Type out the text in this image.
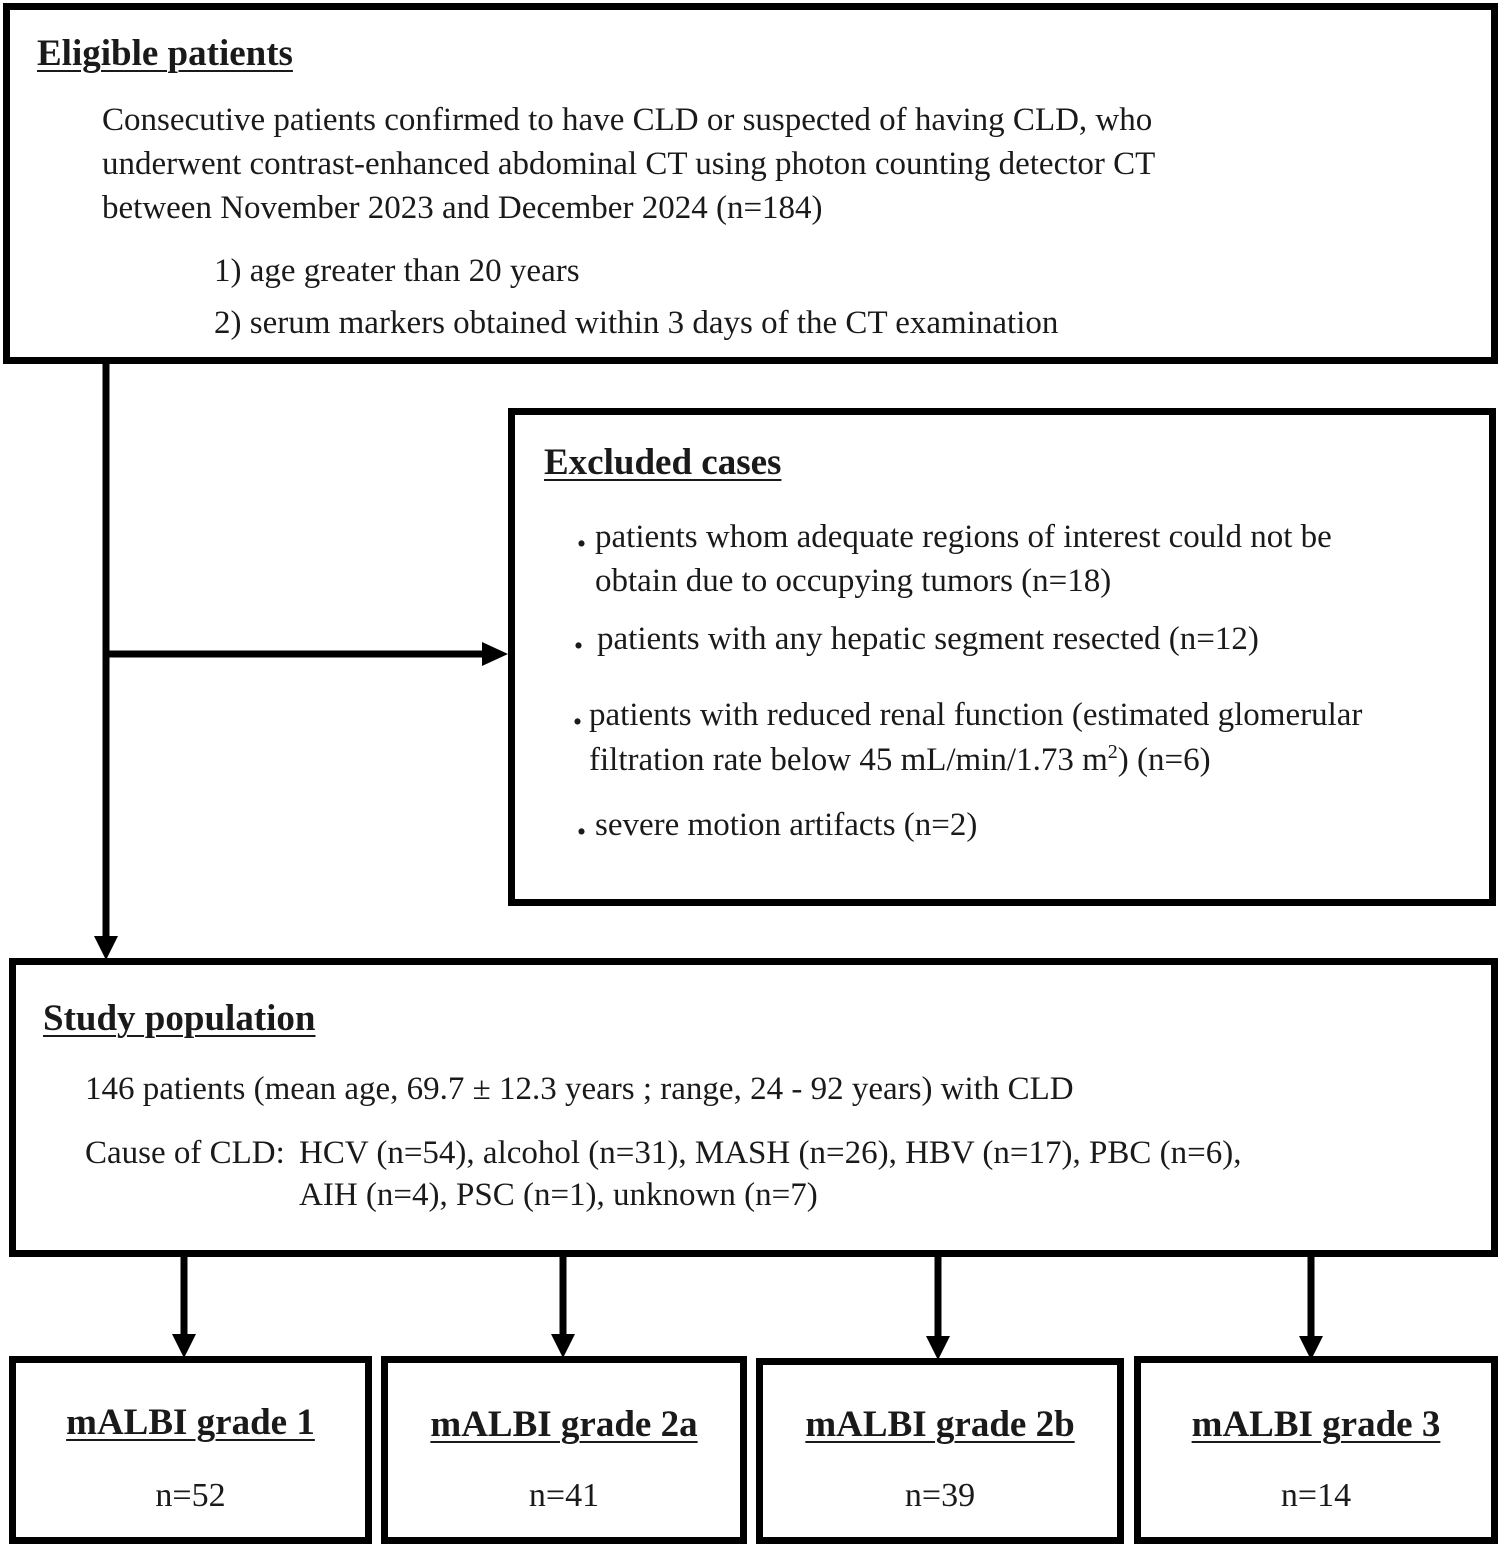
Eligible patients
Consecutive patients confirmed to have CLD or suspected of having CLD, who
underwent contrast-enhanced abdominal CT using photon counting detector CT
between November 2023 and December 2024 (n=184)
1) age greater than 20 years
2) serum markers obtained within 3 days of the CT examination
Excluded cases
・
patients whom adequate regions of interest could not be
obtain due to occupying tumors (n=18)
・ patients with any hepatic segment resected (n=12)
・
patients with reduced renal function (estimated glomerular
filtration rate below 45 mL/min/1.73 $m^2$) (n=6)
・
severe motion artifacts (n=2)
Study population
146 patients (mean age, 69.7 ± 12.3 years ; range, 24 - 92 years) with CLD
Cause of CLD: HCV (n=54), alcohol (n=31), MASH (n=26), HBV (n=17), PBC (n=6),
AIH (n=4), PSC (n=1), unknown (n=7)
mALBI grade 1
n=52
mALBI grade 2a
n=41
mALBI grade 2b
n=39
mALBI grade 3
n=14
